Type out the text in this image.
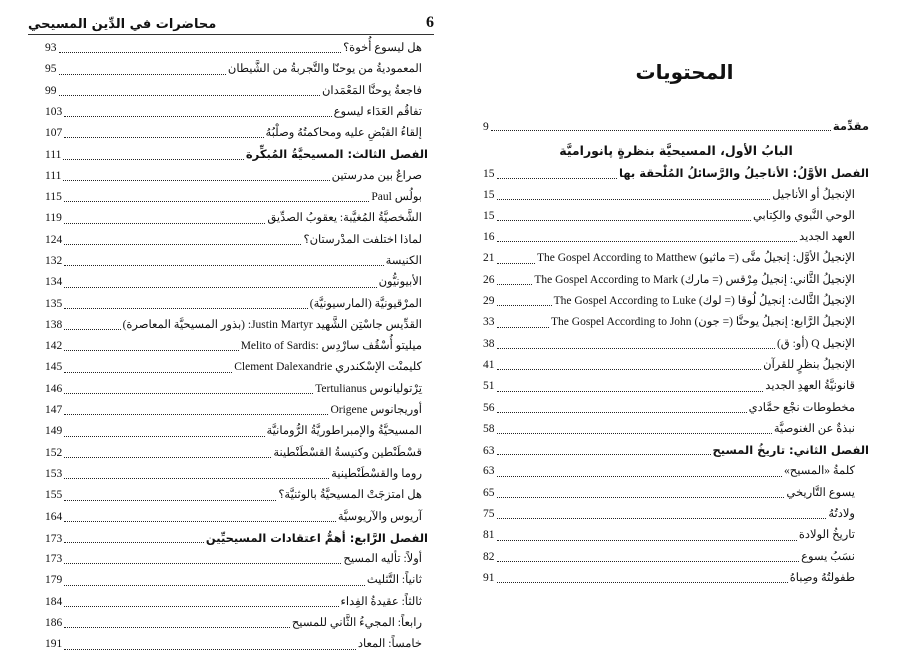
محاضرات في الدِّين المسيحي	6
هل ليسوع أُخوة؟
93
المعموديةُ من يوحنّا والتَّجربةُ من الشَّيطان
95
فاجعةُ يوحنَّا المَعْمَدان
99
تفاقُم العَدَاء ليسوع
103
إلقاءُ القبْضِ عليه ومحاكمتُهُ وصلْبُهُ
107
الفصل الثالث: المسيحيَّةُ المُبكِّرة
111
صراعٌ بين مدرستين
111
بولُس Paul
115
الشَّخصيَّةُ المُغيَّبة: يعقوبُ الصدِّيق
119
لماذا اختلفت المدْرستان؟
124
الكنيسة
132
الأبيونيُّون
134
المرْقيونيَّة (المارسيونيَّة)
135
القدِّيس جاسْتِن الشَّهيد Justin Martyr: (بذور المسيحيَّة المعاصرة)
138
ميليتو أُسْقُف سارْدِس :Melito of Sardis
142
كليمنْت الإسْكندري Clement Dalexandrie
145
تِرْتوليانوس Tertulianus
146
أوريجانوس Origene
147
المسيحيَّةُ والإمبراطوريَّةُ الرُّومانيَّة
149
قسْطَنْطين وكنيسةُ القسْطَنْطينة
152
روما والقسْطَنْطينية
153
هل امتزجَتْ المسيحيَّةُ بالوثنيَّة؟
155
آريوس والآريوسيَّة
164
الفصل الرَّابع: أهمُّ اعتقادات المسيحيِّين
173
أولاً: تأليه المسيح
173
ثانياً: التَّثليث
179
ثالثاً: عقيدةُ الفِداء
184
رابعاً: المجيءُ الثَّاني للمسيح
186
خامساً: المعاد
191
المحتويات
مقدِّمة
9
البابُ الأول، المسيحيَّة بنظرةٍ پانوراميَّة
الفصل الأوَّلُ: الأناجيلُ والرَّسائلُ المُلْحقة بها
15
الإنجيلُ أو الأناجيل
15
الوحي النَّبوي والكِتابي
15
العهد الجديد
16
الإنجيلُ الأوَّل: إنجيلُ متَّى (= ماثيو) The Gospel According to Matthew
21
الإنجيلُ الثَّاني: إنجيلُ مِرْقس (= مارك) The Gospel According to Mark
26
الإنجيلُ الثَّالث: إنجيلُ لُوقا (= لوك) The Gospel According to Luke
29
الإنجيلُ الرَّابع: إنجيلُ يوحنَّا (= جون) The Gospel According to John
33
الإنجيل Q (أو: ق)
38
الإنجيلُ بنظرٍ للقرآن
41
قانونيَّةُ العهدِ الجديد
51
مخطوطات نجْع حمَّادي
56
نبذةٌ عن الغنوصيَّة
58
الفصل الثاني: تاريخُ المسيح
63
كلمةُ «المسيح»
63
يسوع التَّاريخي
65
ولادتُهُ
75
تاريخُ الولادة
81
نسَبُ يسوع
82
طفولتُهُ وصِباهُ
91
